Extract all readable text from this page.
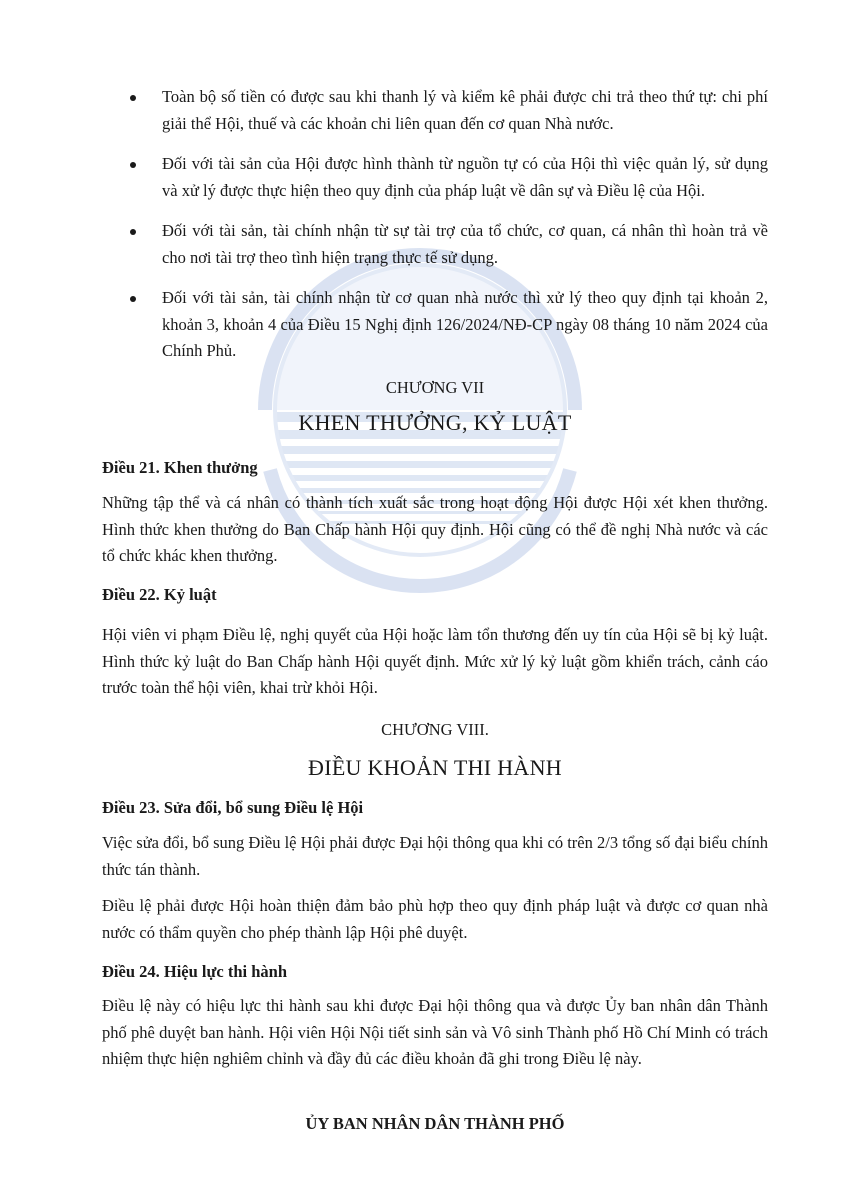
Toàn bộ số tiền có được sau khi thanh lý và kiểm kê phải được chi trả theo thứ tự: chi phí giải thể Hội, thuế và các khoản chi liên quan đến cơ quan Nhà nước.
Đối với tài sản của Hội được hình thành từ nguồn tự có của Hội thì việc quản lý, sử dụng và xử lý được thực hiện theo quy định của pháp luật về dân sự và Điều lệ của Hội.
Đối với tài sản, tài chính nhận từ sự tài trợ của tổ chức, cơ quan, cá nhân thì hoàn trả về cho nơi tài trợ theo tình hiện trạng thực tế sử dụng.
Đối với tài sản, tài chính nhận từ cơ quan nhà nước thì xử lý theo quy định tại khoản 2, khoản 3, khoản 4 của Điều 15 Nghị định 126/2024/NĐ-CP ngày 08 tháng 10 năm 2024 của Chính Phủ.

CHƯƠNG VII

KHEN THƯỞNG, KỶ LUẬT

Điều 21. Khen thưởng

Những tập thể và cá nhân có thành tích xuất sắc trong hoạt động Hội được Hội xét khen thưởng. Hình thức khen thưởng do Ban Chấp hành Hội quy định. Hội cũng có thể đề nghị Nhà nước và các tổ chức khác khen thưởng.

Điều 22. Kỷ luật

Hội viên vi phạm Điều lệ, nghị quyết của Hội hoặc làm tổn thương đến uy tín của Hội sẽ bị kỷ luật. Hình thức kỷ luật do Ban Chấp hành Hội quyết định. Mức xử lý kỷ luật gồm khiển trách, cảnh cáo trước toàn thể hội viên, khai trừ khỏi Hội.

CHƯƠNG VIII.

ĐIỀU KHOẢN THI HÀNH

Điều 23. Sửa đổi, bổ sung Điều lệ Hội

Việc sửa đổi, bổ sung Điều lệ Hội phải được Đại hội thông qua khi có trên 2/3 tổng số đại biểu chính thức tán thành.

Điều lệ phải được Hội hoàn thiện đảm bảo phù hợp theo quy định pháp luật và được cơ quan nhà nước có thẩm quyền cho phép thành lập Hội phê duyệt.

Điều 24. Hiệu lực thi hành

Điều lệ này có hiệu lực thi hành sau khi được Đại hội thông qua và được Ủy ban nhân dân Thành phố phê duyệt ban hành. Hội viên Hội Nội tiết sinh sản và Vô sinh Thành phố Hồ Chí Minh có trách nhiệm thực hiện nghiêm chỉnh và đầy đủ các điều khoản đã ghi trong Điều lệ này.

ỦY BAN NHÂN DÂN THÀNH PHỐ
